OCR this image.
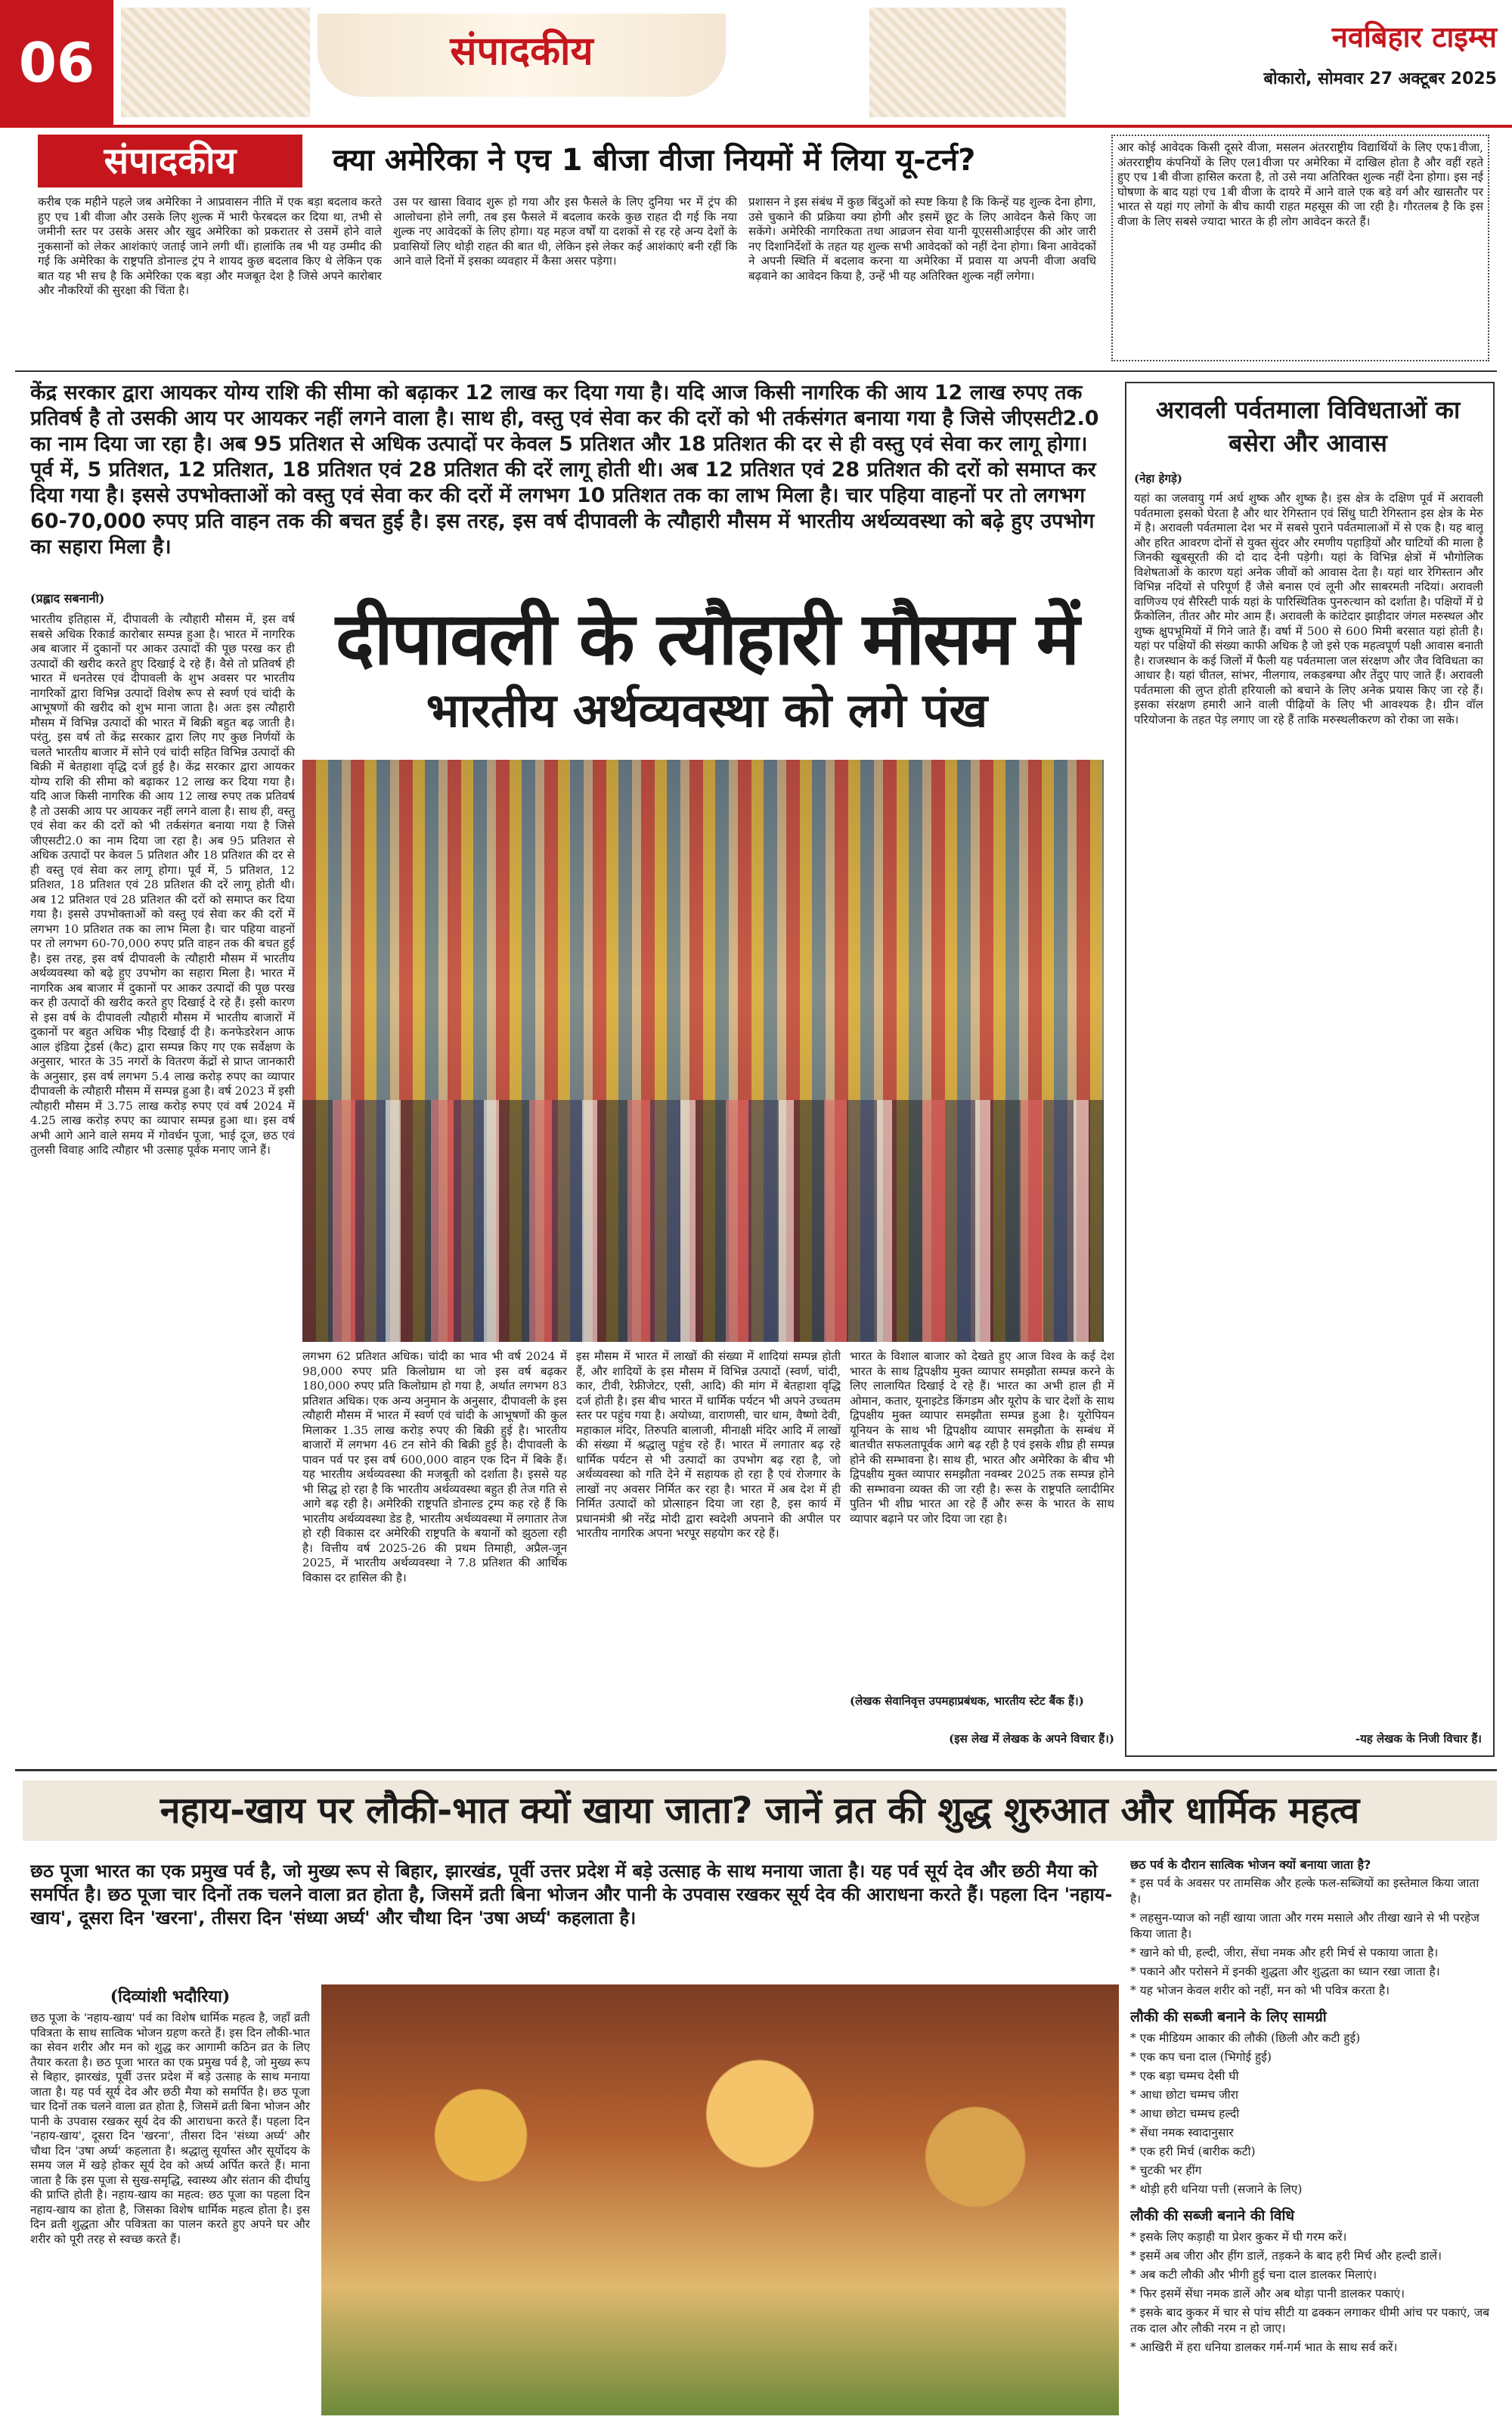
06	संपादकीय	नवबिहार टाइम्स
बोकारो, सोमवार 27 अक्टूबर 2025
संपादकीय	क्या अमेरिका ने एच 1 बीजा वीजा नियमों में लिया यू-टर्न?
करीब एक महीने पहले जब अमेरिका ने आप्रवासन नीति में एक बड़ा बदलाव करते हुए एच 1बी वीजा और उसके लिए शुल्क में भारी फेरबदल कर दिया था, तभी से जमीनी स्तर पर उसके असर और खुद अमेरिका को प्रकरातर से उसमें होने वाले नुकसानों को लेकर आशंकाएं जताई जाने लगी थीं। हालांकि तब भी यह उम्मीद की गई कि अमेरिका के राष्ट्रपति डोनाल्ड ट्रंप ने शायद कुछ बदलाव किए थे लेकिन एक बात यह भी सच है कि अमेरिका एक बड़ा और मजबूत देश है जिसे अपने कारोबार और नौकरियों की सुरक्षा की चिंता है।
उस पर खासा विवाद शुरू हो गया और इस फैसले के लिए दुनिया भर में ट्रंप की आलोचना होने लगी, तब इस फैसले में बदलाव करके कुछ राहत दी गई कि नया शुल्क नए आवेदकों के लिए होगा। यह महज वर्षों या दशकों से रह रहे अन्य देशों के प्रवासियों लिए थोड़ी राहत की बात थी, लेकिन इसे लेकर कई आशंकाएं बनी रहीं कि आने वाले दिनों में इसका व्यवहार में कैसा असर पड़ेगा।
प्रशासन ने इस संबंध में कुछ बिंदुओं को स्पष्ट किया है कि किन्हें यह शुल्क देना होगा, उसे चुकाने की प्रक्रिया क्या होगी और इसमें छूट के लिए आवेदन कैसे किए जा सकेंगे। अमेरिकी नागरिकता तथा आव्रजन सेवा यानी यूएससीआईएस की ओर जारी नए दिशानिर्देशों के तहत यह शुल्क सभी आवेदकों को नहीं देना होगा। बिना आवेदकों ने अपनी स्थिति में बदलाव करना या अमेरिका में प्रवास या अपनी वीजा अवधि बढ़वाने का आवेदन किया है, उन्हें भी यह अतिरिक्त शुल्क नहीं लगेगा।
आर कोई आवेदक किसी दूसरे वीजा, मसलन अंतरराष्ट्रीय विद्यार्थियों के लिए एफ1वीजा, अंतरराष्ट्रीय कंपनियों के लिए एल1वीजा पर अमेरिका में दाखिल होता है और वहीं रहते हुए एच 1बी वीजा हासिल करता है, तो उसे नया अतिरिक्त शुल्क नहीं देना होगा। इस नई घोषणा के बाद यहां एच 1बी वीजा के दायरे में आने वाले एक बड़े वर्ग और खासतौर पर भारत से यहां गए लोगों के बीच कायी राहत महसूस की जा रही है। गौरतलब है कि इस वीजा के लिए सबसे ज्यादा भारत के ही लोग आवेदन करते हैं।
केंद्र सरकार द्वारा आयकर योग्य राशि की सीमा को बढ़ाकर 12 लाख कर दिया गया है। यदि आज किसी नागरिक की आय 12 लाख रुपए तक प्रतिवर्ष है तो उसकी आय पर आयकर नहीं लगने वाला है। साथ ही, वस्तु एवं सेवा कर की दरों को भी तर्कसंगत बनाया गया है जिसे जीएसटी2.0 का नाम दिया जा रहा है। अब 95 प्रतिशत से अधिक उत्पादों पर केवल 5 प्रतिशत और 18 प्रतिशत की दर से ही वस्तु एवं सेवा कर लागू होगा। पूर्व में, 5 प्रतिशत, 12 प्रतिशत, 18 प्रतिशत एवं 28 प्रतिशत की दरें लागू होती थी। अब 12 प्रतिशत एवं 28 प्रतिशत की दरों को समाप्त कर दिया गया है। इससे उपभोक्ताओं को वस्तु एवं सेवा कर की दरों में लगभग 10 प्रतिशत तक का लाभ मिला है। चार पहिया वाहनों पर तो लगभग 60-70,000 रुपए प्रति वाहन तक की बचत हुई है। इस तरह, इस वर्ष दीपावली के त्यौहारी मौसम में भारतीय अर्थव्यवस्था को बढ़े हुए उपभोग का सहारा मिला है।
अरावली पर्वतमाला विविधताओं का बसेरा और आवास
(नेहा हेगड़े)
यहां का जलवायु गर्म अर्ध शुष्क और शुष्क है। इस क्षेत्र के दक्षिण पूर्व में अरावली पर्वतमाला इसको घेरता है और थार रेगिस्तान एवं सिंधु घाटी रेगिस्तान इस क्षेत्र के मेरु में है। अरावली पर्वतमाला देश भर में सबसे पुराने पर्वतमालाओं में से एक है। यह बालू और हरित आवरण दोनों से युक्त सुंदर और रमणीय पहाड़ियों और घाटियों की माला है जिनकी खूबसूरती की दो दाद देनी पड़ेगी। यहां के विभिन्न क्षेत्रों में भौगोलिक विशेषताओं के कारण यहां अनेक जीवों को आवास देता है। यहां थार रेगिस्तान और विभिन्न नदियों से परिपूर्ण हैं जैसे बनास एवं लूनी और साबरमती नदियां। अरावली वाणिज्य एवं सैरिस्टी पार्क यहां के पारिस्थितिक पुनरुत्थान को दर्शाता है। पक्षियों में ग्रे फ्रैंकोलिन, तीतर और मोर आम हैं। अरावली के कांटेदार झाड़ीदार जंगल मरुस्थल और शुष्क क्षुपभूमियों में गिने जाते हैं। वर्षा में 500 से 600 मिमी बरसात यहां होती है। यहां पर पक्षियों की संख्या काफी अधिक है जो इसे एक महत्वपूर्ण पक्षी आवास बनाती है। राजस्थान के कई जिलों में फैली यह पर्वतमाला जल संरक्षण और जैव विविधता का आधार है। यहां चीतल, सांभर, नीलगाय, लकड़बग्घा और तेंदुए पाए जाते हैं। अरावली पर्वतमाला की लुप्त होती हरियाली को बचाने के लिए अनेक प्रयास किए जा रहे हैं। इसका संरक्षण हमारी आने वाली पीढ़ियों के लिए भी आवश्यक है। ग्रीन वॉल परियोजना के तहत पेड़ लगाए जा रहे हैं ताकि मरुस्थलीकरण को रोका जा सके।
-यह लेखक के निजी विचार हैं।
(प्रह्लाद सबनानी)	दीपावली के त्यौहारी मौसम में
भारतीय अर्थव्यवस्था को लगे पंख
भारतीय इतिहास में, दीपावली के त्यौहारी मौसम में, इस वर्ष सबसे अधिक रिकार्ड कारोबार सम्पन्न हुआ है। भारत में नागरिक अब बाजार में दुकानों पर आकर उत्पादों की पूछ परख कर ही उत्पादों की खरीद करते हुए दिखाई दे रहे हैं। वैसे तो प्रतिवर्ष ही भारत में धनतेरस एवं दीपावली के शुभ अवसर पर भारतीय नागरिकों द्वारा विभिन्न उत्पादों विशेष रूप से स्वर्ण एवं चांदी के आभूषणों की खरीद को शुभ माना जाता है। अतः इस त्यौहारी मौसम में विभिन्न उत्पादों की भारत में बिक्री बहुत बढ़ जाती है। परंतु, इस वर्ष तो केंद्र सरकार द्वारा लिए गए कुछ निर्णयों के चलते भारतीय बाजार में सोने एवं चांदी सहित विभिन्न उत्पादों की बिक्री में बेतहाशा वृद्धि दर्ज हुई है। केंद्र सरकार द्वारा आयकर योग्य राशि की सीमा को बढ़ाकर 12 लाख कर दिया गया है। यदि आज किसी नागरिक की आय 12 लाख रुपए तक प्रतिवर्ष है तो उसकी आय पर आयकर नहीं लगने वाला है। साथ ही, वस्तु एवं सेवा कर की दरों को भी तर्कसंगत बनाया गया है जिसे जीएसटी2.0 का नाम दिया जा रहा है। अब 95 प्रतिशत से अधिक उत्पादों पर केवल 5 प्रतिशत और 18 प्रतिशत की दर से ही वस्तु एवं सेवा कर लागू होगा। पूर्व में, 5 प्रतिशत, 12 प्रतिशत, 18 प्रतिशत एवं 28 प्रतिशत की दरें लागू होती थी। अब 12 प्रतिशत एवं 28 प्रतिशत की दरों को समाप्त कर दिया गया है। इससे उपभोक्ताओं को वस्तु एवं सेवा कर की दरों में लगभग 10 प्रतिशत तक का लाभ मिला है। चार पहिया वाहनों पर तो लगभग 60-70,000 रुपए प्रति वाहन तक की बचत हुई है। इस तरह, इस वर्ष दीपावली के त्यौहारी मौसम में भारतीय अर्थव्यवस्था को बढ़े हुए उपभोग का सहारा मिला है। भारत में नागरिक अब बाजार में दुकानों पर आकर उत्पादों की पूछ परख कर ही उत्पादों की खरीद करते हुए दिखाई दे रहे हैं। इसी कारण से इस वर्ष के दीपावली त्यौहारी मौसम में भारतीय बाजारों में दुकानों पर बहुत अधिक भीड़ दिखाई दी है। कनफेडरेशन आफ आल इंडिया ट्रेडर्स (कैट) द्वारा सम्पन्न किए गए एक सर्वेक्षण के अनुसार, भारत के 35 नगरों के वितरण केंद्रों से प्राप्त जानकारी के अनुसार, इस वर्ष लगभग 5.4 लाख करोड़ रुपए का व्यापार दीपावली के त्यौहारी मौसम में सम्पन्न हुआ है। वर्ष 2023 में इसी त्यौहारी मौसम में 3.75 लाख करोड़ रुपए एवं वर्ष 2024 में 4.25 लाख करोड़ रुपए का व्यापार सम्पन्न हुआ था। इस वर्ष अभी आगे आने वाले समय में गोवर्धन पूजा, भाई दूज, छठ एवं तुलसी विवाह आदि त्यौहार भी उत्साह पूर्वक मनाए जाने हैं।
लगभग 62 प्रतिशत अधिक। चांदी का भाव भी वर्ष 2024 में 98,000 रुपए प्रति किलोग्राम था जो इस वर्ष बढ़कर 180,000 रुपए प्रति किलोग्राम हो गया है, अर्थात लगभग 83 प्रतिशत अधिक। एक अन्य अनुमान के अनुसार, दीपावली के इस त्यौहारी मौसम में भारत में स्वर्ण एवं चांदी के आभूषणों की कुल मिलाकर 1.35 लाख करोड़ रुपए की बिक्री हुई है। भारतीय बाजारों में लगभग 46 टन सोने की बिक्री हुई है। दीपावली के पावन पर्व पर इस वर्ष 600,000 वाहन एक दिन में बिके हैं। यह भारतीय अर्थव्यवस्था की मजबूती को दर्शाता है। इससे यह भी सिद्ध हो रहा है कि भारतीय अर्थव्यवस्था बहुत ही तेज गति से आगे बढ़ रही है। अमेरिकी राष्ट्रपति डोनाल्ड ट्रम्प कह रहे हैं कि भारतीय अर्थव्यवस्था डेड है, भारतीय अर्थव्यवस्था में लगातार तेज हो रही विकास दर अमेरिकी राष्ट्रपति के बयानों को झुठला रही है। वित्तीय वर्ष 2025-26 की प्रथम तिमाही, अप्रैल-जून 2025, में भारतीय अर्थव्यवस्था ने 7.8 प्रतिशत की आर्थिक विकास दर हासिल की है।
इस मौसम में भारत में लाखों की संख्या में शादियां सम्पन्न होती हैं, और शादियों के इस मौसम में विभिन्न उत्पादों (स्वर्ण, चांदी, कार, टीवी, रेफ्रीजेटर, एसी, आदि) की मांग में बेतहाशा वृद्धि दर्ज होती है। इस बीच भारत में धार्मिक पर्यटन भी अपने उच्चतम स्तर पर पहुंच गया है। अयोध्या, वाराणसी, चार धाम, वैष्णो देवी, महाकाल मंदिर, तिरुपति बालाजी, मीनाक्षी मंदिर आदि में लाखों की संख्या में श्रद्धालु पहुंच रहे हैं। भारत में लगातार बढ़ रहे धार्मिक पर्यटन से भी उत्पादों का उपभोग बढ़ रहा है, जो अर्थव्यवस्था को गति देने में सहायक हो रहा है एवं रोजगार के लाखों नए अवसर निर्मित कर रहा है। भारत में अब देश में ही निर्मित उत्पादों को प्रोत्साहन दिया जा रहा है, इस कार्य में प्रधानमंत्री श्री नरेंद्र मोदी द्वारा स्वदेशी अपनाने की अपील पर भारतीय नागरिक अपना भरपूर सहयोग कर रहे हैं।
भारत के विशाल बाजार को देखते हुए आज विश्व के कई देश भारत के साथ द्विपक्षीय मुक्त व्यापार समझौता सम्पन्न करने के लिए लालायित दिखाई दे रहे हैं। भारत का अभी हाल ही में ओमान, कतार, यूनाइटेड किंगडम और यूरोप के चार देशों के साथ द्विपक्षीय मुक्त व्यापार समझौता सम्पन्न हुआ है। यूरोपियन यूनियन के साथ भी द्विपक्षीय व्यापार समझौता के सम्बंध में बातचीत सफलतापूर्वक आगे बढ़ रही है एवं इसके शीघ्र ही सम्पन्न होने की सम्भावना है। साथ ही, भारत और अमेरिका के बीच भी द्विपक्षीय मुक्त व्यापार समझौता नवम्बर 2025 तक सम्पन्न होने की सम्भावना व्यक्त की जा रही है। रूस के राष्ट्रपति व्लादीमिर पुतिन भी शीघ्र भारत आ रहे हैं और रूस के भारत के साथ व्यापार बढ़ाने पर जोर दिया जा रहा है।
(लेखक सेवानिवृत्त उपमहाप्रबंधक, भारतीय स्टेट बैंक हैं।)
(इस लेख में लेखक के अपने विचार हैं।)
नहाय-खाय पर लौकी-भात क्यों खाया जाता? जानें व्रत की शुद्ध शुरुआत और धार्मिक महत्व
छठ पूजा भारत का एक प्रमुख पर्व है, जो मुख्य रूप से बिहार, झारखंड, पूर्वी उत्तर प्रदेश में बड़े उत्साह के साथ मनाया जाता है। यह पर्व सूर्य देव और छठी मैया को समर्पित है। छठ पूजा चार दिनों तक चलने वाला व्रत होता है, जिसमें व्रती बिना भोजन और पानी के उपवास रखकर सूर्य देव की आराधना करते हैं। पहला दिन 'नहाय-खाय', दूसरा दिन 'खरना', तीसरा दिन 'संध्या अर्घ्य' और चौथा दिन 'उषा अर्घ्य' कहलाता है।
(दिव्यांशी भदौरिया)
छठ पूजा के 'नहाय-खाय' पर्व का विशेष धार्मिक महत्व है, जहाँ व्रती पवित्रता के साथ सात्विक भोजन ग्रहण करते हैं। इस दिन लौकी-भात का सेवन शरीर और मन को शुद्ध कर आगामी कठिन व्रत के लिए तैयार करता है। छठ पूजा भारत का एक प्रमुख पर्व है, जो मुख्य रूप से बिहार, झारखंड, पूर्वी उत्तर प्रदेश में बड़े उत्साह के साथ मनाया जाता है। यह पर्व सूर्य देव और छठी मैया को समर्पित है। छठ पूजा चार दिनों तक चलने वाला व्रत होता है, जिसमें व्रती बिना भोजन और पानी के उपवास रखकर सूर्य देव की आराधना करते हैं। पहला दिन 'नहाय-खाय', दूसरा दिन 'खरना', तीसरा दिन 'संध्या अर्घ्य' और चौथा दिन 'उषा अर्घ्य' कहलाता है। श्रद्धालु सूर्यास्त और सूर्योदय के समय जल में खड़े होकर सूर्य देव को अर्घ्य अर्पित करते हैं। माना जाता है कि इस पूजा से सुख-समृद्धि, स्वास्थ्य और संतान की दीर्घायु की प्राप्ति होती है। नहाय-खाय का महत्व: छठ पूजा का पहला दिन नहाय-खाय का होता है, जिसका विशेष धार्मिक महत्व होता है। इस दिन व्रती शुद्धता और पवित्रता का पालन करते हुए अपने घर और शरीर को पूरी तरह से स्वच्छ करते हैं।

छठ पर्व के दौरान सात्विक भोजन क्यों बनाया जाता है?

* इस पर्व के अवसर पर तामसिक और हल्के फल-सब्जियों का इस्तेमाल किया जाता है।

* लहसुन-प्याज को नहीं खाया जाता और गरम मसाले और तीखा खाने से भी परहेज किया जाता है।

* खाने को घी, हल्दी, जीरा, सेंधा नमक और हरी मिर्च से पकाया जाता है।

* पकाने और परोसने में इनकी शुद्धता और शुद्धता का ध्यान रखा जाता है।

* यह भोजन केवल शरीर को नहीं, मन को भी पवित्र करता है।

लौकी की सब्जी बनाने के लिए सामग्री

* एक मीडियम आकार की लौकी (छिली और कटी हुई)

* एक कप चना दाल (भिगोई हुई)

* एक बड़ा चम्मच देसी घी

* आधा छोटा चम्मच जीरा

* आधा छोटा चम्मच हल्दी

* सेंधा नमक स्वादानुसार

* एक हरी मिर्च (बारीक कटी)

* चुटकी भर हींग

* थोड़ी हरी धनिया पत्ती (सजाने के लिए)

लौकी की सब्जी बनाने की विधि

* इसके लिए कड़ाही या प्रेशर कुकर में घी गरम करें।

* इसमें अब जीरा और हींग डालें, तड़कने के बाद हरी मिर्च और हल्दी डालें।

* अब कटी लौकी और भीगी हुई चना दाल डालकर मिलाएं।

* फिर इसमें सेंधा नमक डालें और अब थोड़ा पानी डालकर पकाएं।

* इसके बाद कुकर में चार से पांच सीटी या ढक्कन लगाकर धीमी आंच पर पकाएं, जब तक दाल और लौकी नरम न हो जाए।

* आखिरी में हरा धनिया डालकर गर्म-गर्म भात के साथ सर्व करें।
